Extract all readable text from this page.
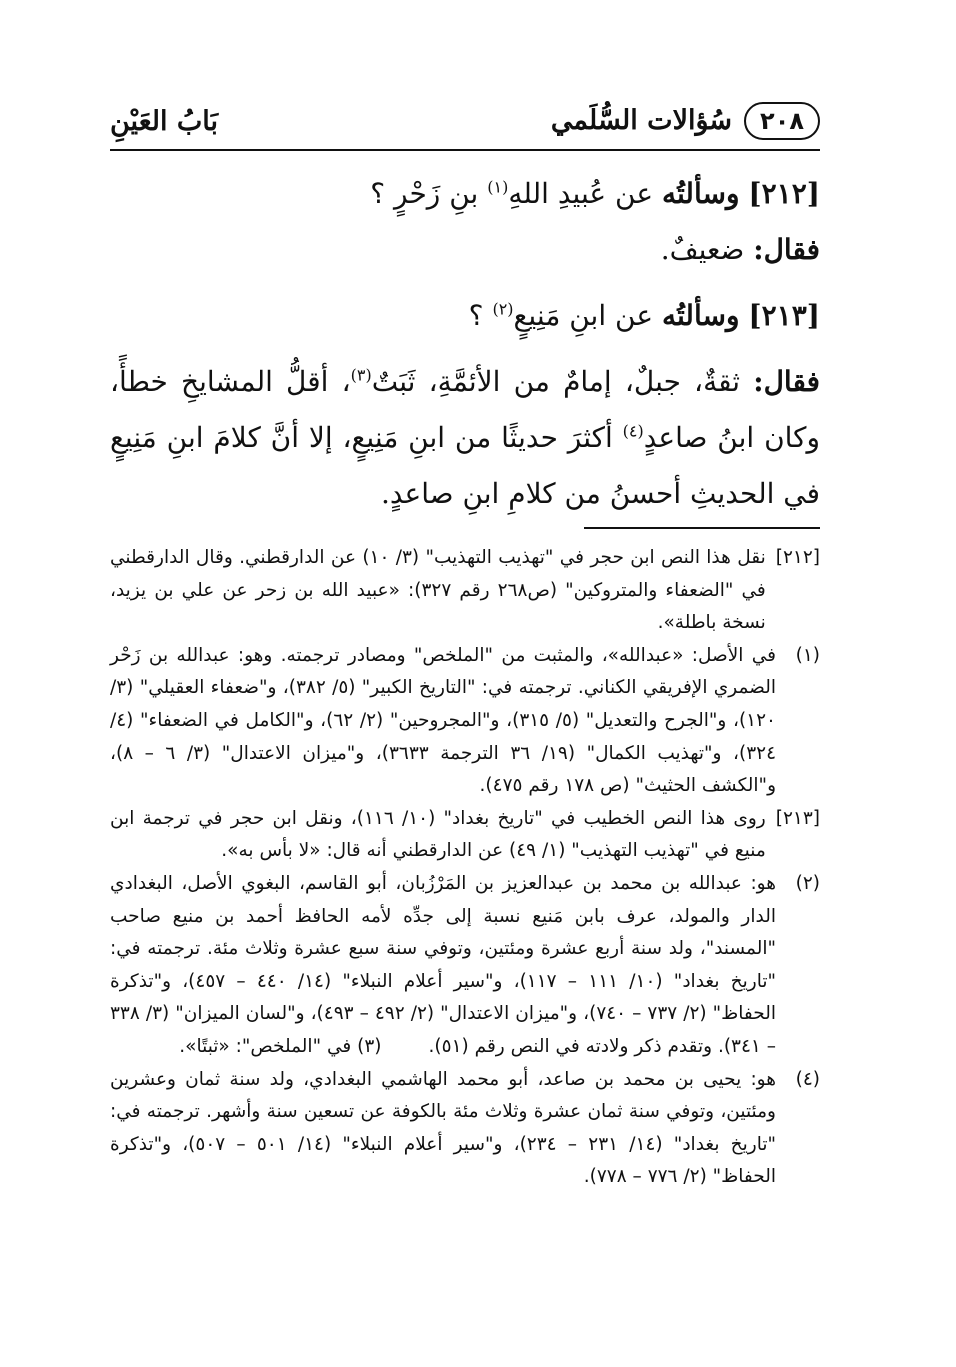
٢٠٨
سُؤالات السُّلَمي
بَابُ العَيْنِ

[٢١٢] وسألتُه عن عُبيدِ اللهِ$^{(١)}$ بنِ زَحْرٍ ؟

فقال: ضعيفٌ.

[٢١٣] وسألتُه عن ابنِ مَنِيعٍ$^{(٢)}$ ؟

فقال: ثقةٌ، جبلٌ، إمامٌ من الأئمَّةِ، ثَبَتٌ$^{(٣)}$، أقلُّ المشايخِ خطأً، وكان ابنُ صاعدٍ$^{(٤)}$ أكثرَ حديثًا من ابنِ مَنِيعٍ، إلا أنَّ كلامَ ابنِ مَنِيعٍ في الحديثِ أحسنُ من كلامِ ابنِ صاعدٍ.

[٢١٢]
نقل هذا النص ابن حجر في "تهذيب التهذيب" (٣/ ١٠) عن الدارقطني. وقال الدارقطني في "الضعفاء والمتروكين" (ص٢٦٨ رقم ٣٢٧): «عبيد الله بن زحر عن علي بن يزيد، نسخة باطلة».
(١)
في الأصل: «عبدالله»، والمثبت من "الملخص" ومصادر ترجمته. وهو: عبدالله بن زَحْر الضمري الإفريقي الكناني. ترجمته في: "التاريخ الكبير" (٥/ ٣٨٢)، و"ضعفاء العقيلي" (٣/ ١٢٠)، و"الجرح والتعديل" (٥/ ٣١٥)، و"المجروحين" (٢/ ٦٢)، و"الكامل في الضعفاء" (٤/ ٣٢٤)، و"تهذيب الكمال" (١٩/ ٣٦ الترجمة ٣٦٣٣)، و"ميزان الاعتدال" (٣/ ٦ – ٨)، و"الكشف الحثيث" (ص ١٧٨ رقم ٤٧٥).
[٢١٣]
روى هذا النص الخطيب في "تاريخ بغداد" (١٠/ ١١٦)، ونقل ابن حجر في ترجمة ابن منيع في "تهذيب التهذيب" (١/ ٤٩) عن الدارقطني أنه قال: «لا بأس به».
(٢)
هو: عبدالله بن محمد بن عبدالعزيز بن المَرْزُبان، أبو القاسم، البغوي الأصل، البغدادي الدار والمولد، عرف بابن مَنيع نسبة إلى جدِّه لأمه الحافظ أحمد بن منيع صاحب "المسند"، ولد سنة أربع عشرة ومئتين، وتوفي سنة سبع عشرة وثلاث مئة. ترجمته في: "تاريخ بغداد" (١٠/ ١١١ – ١١٧)، و"سير أعلام النبلاء" (١٤/ ٤٤٠ – ٤٥٧)، و"تذكرة الحفاظ" (٢/ ٧٣٧ – ٧٤٠)، و"ميزان الاعتدال" (٢/ ٤٩٢ – ٤٩٣)، و"لسان الميزان" (٣/ ٣٣٨ – ٣٤١). وتقدم ذكر ولادته في النص رقم (٥١).        (٣) في "الملخص": «ثبتًا».
(٤)
هو: يحيى بن محمد بن صاعد، أبو محمد الهاشمي البغدادي، ولد سنة ثمان وعشرين ومئتين، وتوفي سنة ثمان عشرة وثلاث مئة بالكوفة عن تسعين سنة وأشهر. ترجمته في: "تاريخ بغداد" (١٤/ ٢٣١ – ٢٣٤)، و"سير أعلام النبلاء" (١٤/ ٥٠١ – ٥٠٧)، و"تذكرة الحفاظ" (٢/ ٧٧٦ – ٧٧٨).
